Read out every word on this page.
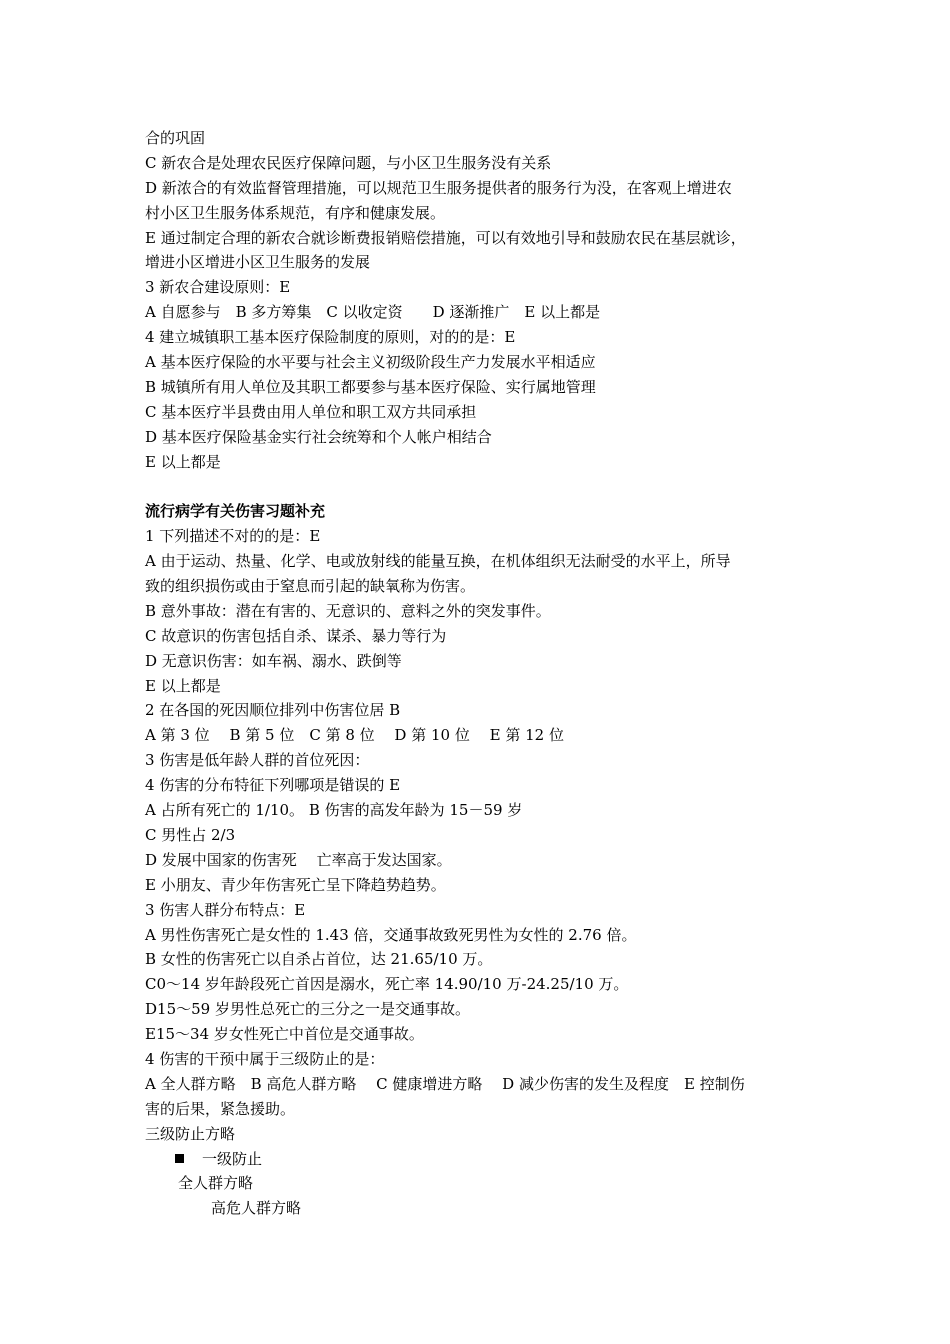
合的巩固
C 新农合是处理农民医疗保障问题，与小区卫生服务没有关系
D 新浓合的有效监督管理措施，可以规范卫生服务提供者的服务行为没，在客观上增进农
村小区卫生服务体系规范，有序和健康发展。
E 通过制定合理的新农合就诊断费报销赔偿措施，可以有效地引导和鼓励农民在基层就诊，
增进小区增进小区卫生服务的发展
3 新农合建设原则：E
A 自愿参与　B 多方筹集　C 以收定资　　D 逐渐推广　E 以上都是
4 建立城镇职工基本医疗保险制度的原则，对的的是：E
A 基本医疗保险的水平要与社会主义初级阶段生产力发展水平相适应
B 城镇所有用人单位及其职工都要参与基本医疗保险、实行属地管理
C 基本医疗半县费由用人单位和职工双方共同承担
D 基本医疗保险基金实行社会统筹和个人帐户相结合
E 以上都是
流行病学有关伤害习题补充
1 下列描述不对的的是：E
A 由于运动、热量、化学、电或放射线的能量互换，在机体组织无法耐受的水平上，所导
致的组织损伤或由于窒息而引起的缺氧称为伤害。
B 意外事故：潜在有害的、无意识的、意料之外的突发事件。
C 故意识的伤害包括自杀、谋杀、暴力等行为
D 无意识伤害：如车祸、溺水、跌倒等
E 以上都是
2 在各国的死因顺位排列中伤害位居 B
A 第 3 位　 B 第 5 位　C 第 8 位　 D 第 10 位　 E 第 12 位
3 伤害是低年龄人群的首位死因：
4 伤害的分布特征下列哪项是错误的 E
A 占所有死亡的 1/10。 B 伤害的高发年龄为 15－59 岁
C 男性占 2/3
D 发展中国家的伤害死　 亡率高于发达国家。
E 小朋友、青少年伤害死亡呈下降趋势趋势。
3 伤害人群分布特点：E
A 男性伤害死亡是女性的 1.43 倍，交通事故致死男性为女性的 2.76 倍。
B 女性的伤害死亡以自杀占首位，达 21.65/10 万。
C0～14 岁年龄段死亡首因是溺水，死亡率 14.90/10 万-24.25/10 万。
D15～59 岁男性总死亡的三分之一是交通事故。
E15～34 岁女性死亡中首位是交通事故。
4 伤害的干预中属于三级防止的是：
A 全人群方略　B 高危人群方略　 C 健康增进方略　 D 减少伤害的发生及程度　E 控制伤
害的后果，紧急援助。
三级防止方略
一级防止
全人群方略
高危人群方略
